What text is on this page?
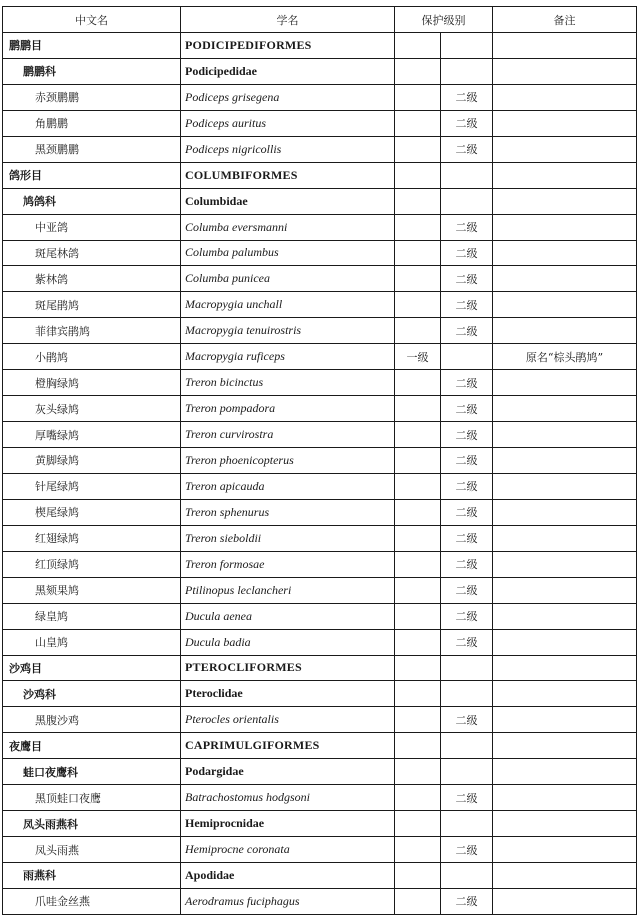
中文名	学名	保护级别		备注
鹏鹏目	PODICIPEDIFORMES			
鹏鹏科	Podicipedidae			
赤颈鹏鹏	Podiceps grisegena		二级	
角鹏鹏	Podiceps auritus		二级	
黑颈鹏鹏	Podiceps nigricollis		二级	
鸽形目	COLUMBIFORMES			
鸠鸽科	Columbidae			
中亚鸽	Columba eversmanni		二级	
斑尾林鸽	Columba palumbus		二级	
紫林鸽	Columba punicea		二级	
斑尾鹃鸠	Macropygia unchall		二级	
菲律宾鹃鸠	Macropygia tenuirostris		二级	
小鹃鸠	Macropygia ruficeps	一级		原名“棕头鹃鸠”
橙胸绿鸠	Treron bicinctus		二级	
灰头绿鸠	Treron pompadora		二级	
厚嘴绿鸠	Treron curvirostra		二级	
黄脚绿鸠	Treron phoenicopterus		二级	
针尾绿鸠	Treron apicauda		二级	
楔尾绿鸠	Treron sphenurus		二级	
红翅绿鸠	Treron sieboldii		二级	
红顶绿鸠	Treron formosae		二级	
黑颏果鸠	Ptilinopus leclancheri		二级	
绿皇鸠	Ducula aenea		二级	
山皇鸠	Ducula badia		二级	
沙鸡目	PTEROCLIFORMES			
沙鸡科	Pteroclidae			
黑腹沙鸡	Pterocles orientalis		二级	
夜鹰目	CAPRIMULGIFORMES			
蛙口夜鹰科	Podargidae			
黑顶蛙口夜鹰	Batrachostomus hodgsoni		二级	
凤头雨燕科	Hemiprocnidae			
凤头雨燕	Hemiprocne coronata		二级	
雨燕科	Apodidae			
爪哇金丝燕	Aerodramus fuciphagus		二级	
